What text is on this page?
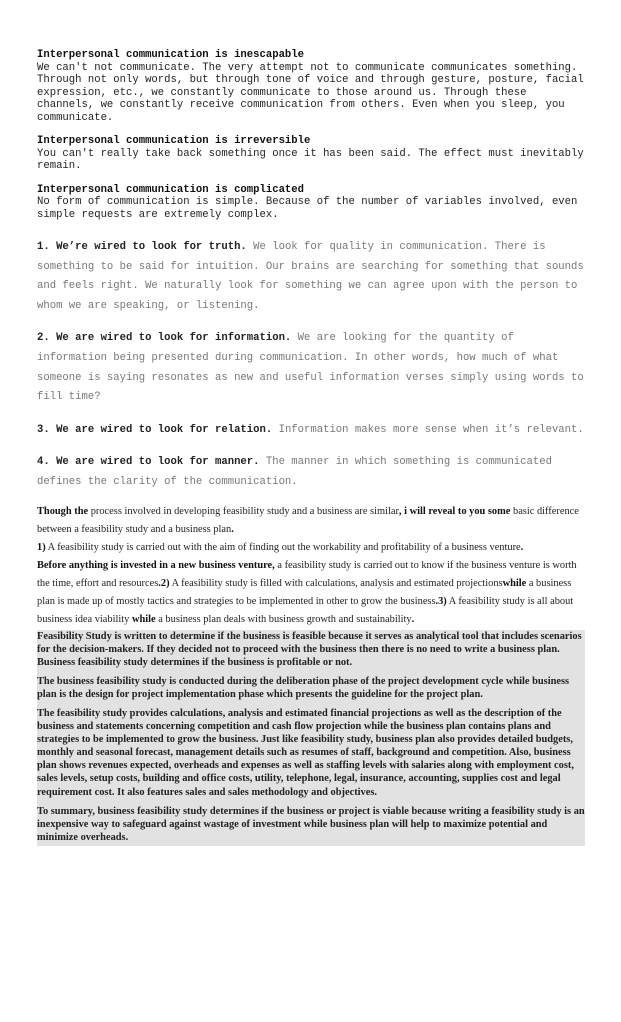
Interpersonal communication is inescapable
We can't not communicate. The very attempt not to communicate communicates something. Through not only words, but through tone of voice and through gesture, posture, facial expression, etc., we constantly communicate to those around us. Through these channels, we constantly receive communication from others. Even when you sleep, you communicate.
Interpersonal communication is irreversible
You can't really take back something once it has been said. The effect must inevitably remain.
Interpersonal communication is complicated
No form of communication is simple. Because of the number of variables involved, even simple requests are extremely complex.

1. We’re wired to look for truth. We look for quality in communication. There is something to be said for intuition. Our brains are searching for something that sounds and feels right. We naturally look for something we can agree upon with the person to whom we are speaking, or listening.

2. We are wired to look for information. We are looking for the quantity of information being presented during communication. In other words, how much of what someone is saying resonates as new and useful information verses simply using words to fill time?

3. We are wired to look for relation. Information makes more sense when it’s relevant.

4. We are wired to look for manner. The manner in which something is communicated defines the clarity of the communication.

Though the process involved in developing feasibility study and a business are similar, i will reveal to you some basic difference between a feasibility study and a business plan.
1) A feasibility study is carried out with the aim of finding out the workability and profitability of a business venture.
Before anything is invested in a new business venture, a feasibility study is carried out to know if the business venture is worth the time, effort and resources.2) A feasibility study is filled with calculations, analysis and estimated projectionswhile a business plan is made up of mostly tactics and strategies to be implemented in other to grow the business.3) A feasibility study is all about business idea viability while a business plan deals with business growth and sustainability.

Feasibility Study is written to determine if the business is feasible because it serves as analytical tool that includes scenarios for the decision-makers. If they decided not to proceed with the business then there is no need to write a business plan. Business feasibility study determines if the business is profitable or not.

The business feasibility study is conducted during the deliberation phase of the project development cycle while business plan is the design for project implementation phase which presents the guideline for the project plan.

The feasibility study provides calculations, analysis and estimated financial projections as well as the description of the business and statements concerning competition and cash flow projection while the business plan contains plans and strategies to be implemented to grow the business. Just like feasibility study, business plan also provides detailed budgets, monthly and seasonal forecast, management details such as resumes of staff, background and competition. Also, business plan shows revenues expected, overheads and expenses as well as staffing levels with salaries along with employment cost, sales levels, setup costs, building and office costs, utility, telephone, legal, insurance, accounting, supplies cost and legal requirement cost. It also features sales and sales methodology and objectives.

To summary, business feasibility study determines if the business or project is viable because writing a feasibility study is an inexpensive way to safeguard against wastage of investment while business plan will help to maximize potential and minimize overheads.
